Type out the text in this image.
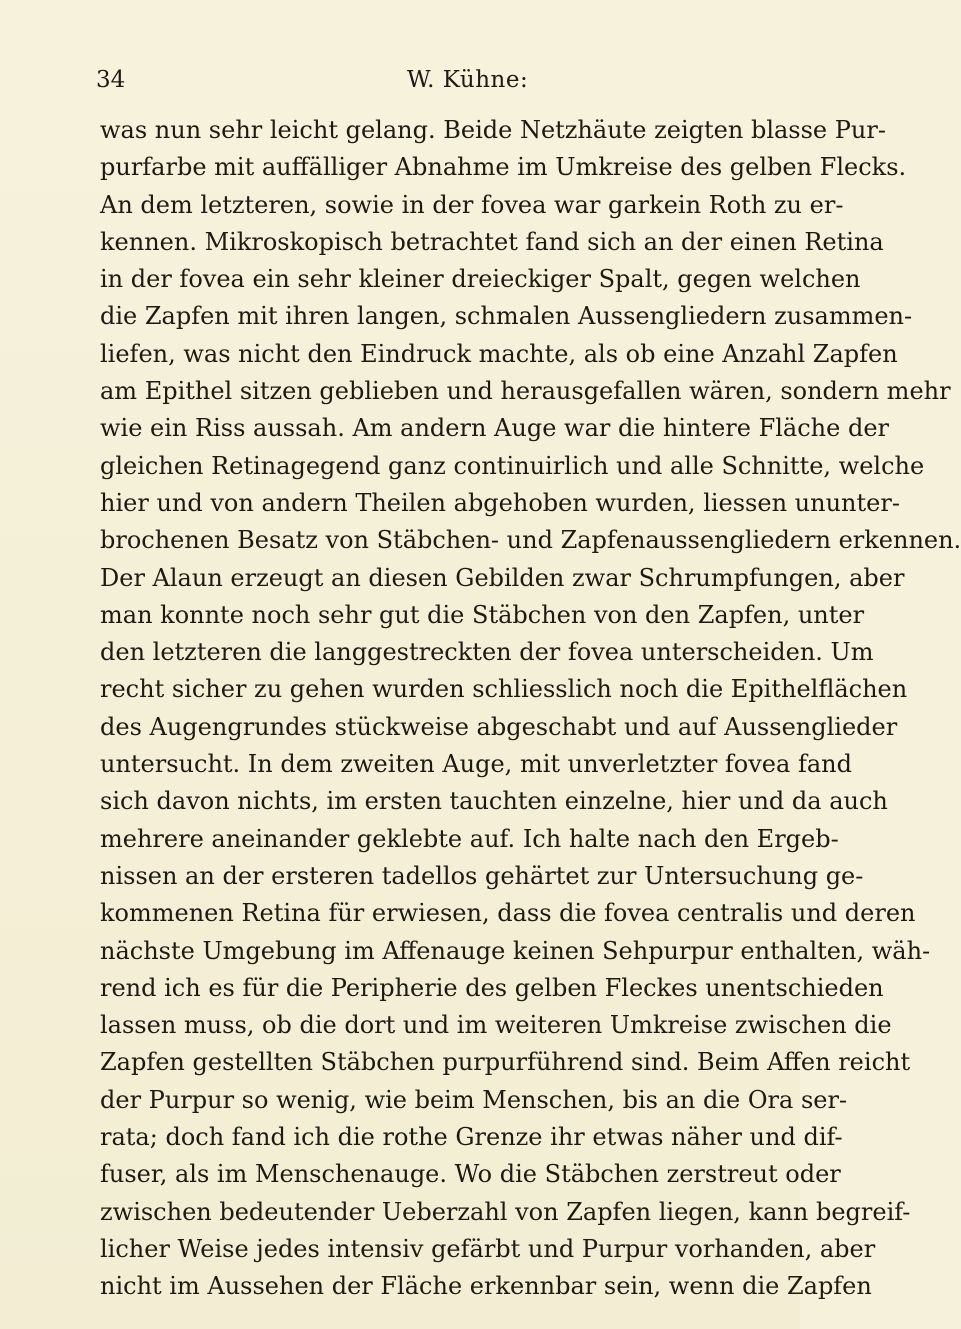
34	W. Kühne:
was nun sehr leicht gelang. Beide Netzhäute zeigten blasse Pur-
purfarbe mit auffälliger Abnahme im Umkreise des gelben Flecks.
An dem letzteren, sowie in der fovea war garkein Roth zu er-
kennen. Mikroskopisch betrachtet fand sich an der einen Retina
in der fovea ein sehr kleiner dreieckiger Spalt, gegen welchen
die Zapfen mit ihren langen, schmalen Aussengliedern zusammen-
liefen, was nicht den Eindruck machte, als ob eine Anzahl Zapfen
am Epithel sitzen geblieben und herausgefallen wären, sondern mehr
wie ein Riss aussah. Am andern Auge war die hintere Fläche der
gleichen Retinagegend ganz continuirlich und alle Schnitte, welche
hier und von andern Theilen abgehoben wurden, liessen ununter-
brochenen Besatz von Stäbchen- und Zapfenaussengliedern erkennen.
Der Alaun erzeugt an diesen Gebilden zwar Schrumpfungen, aber
man konnte noch sehr gut die Stäbchen von den Zapfen, unter
den letzteren die langgestreckten der fovea unterscheiden. Um
recht sicher zu gehen wurden schliesslich noch die Epithelflächen
des Augengrundes stückweise abgeschabt und auf Aussenglieder
untersucht. In dem zweiten Auge, mit unverletzter fovea fand
sich davon nichts, im ersten tauchten einzelne, hier und da auch
mehrere aneinander geklebte auf. Ich halte nach den Ergeb-
nissen an der ersteren tadellos gehärtet zur Untersuchung ge-
kommenen Retina für erwiesen, dass die fovea centralis und deren
nächste Umgebung im Affenauge keinen Sehpurpur enthalten, wäh-
rend ich es für die Peripherie des gelben Fleckes unentschieden
lassen muss, ob die dort und im weiteren Umkreise zwischen die
Zapfen gestellten Stäbchen purpurführend sind. Beim Affen reicht
der Purpur so wenig, wie beim Menschen, bis an die Ora ser-
rata; doch fand ich die rothe Grenze ihr etwas näher und dif-
fuser, als im Menschenauge. Wo die Stäbchen zerstreut oder
zwischen bedeutender Ueberzahl von Zapfen liegen, kann begreif-
licher Weise jedes intensiv gefärbt und Purpur vorhanden, aber
nicht im Aussehen der Fläche erkennbar sein, wenn die Zapfen
